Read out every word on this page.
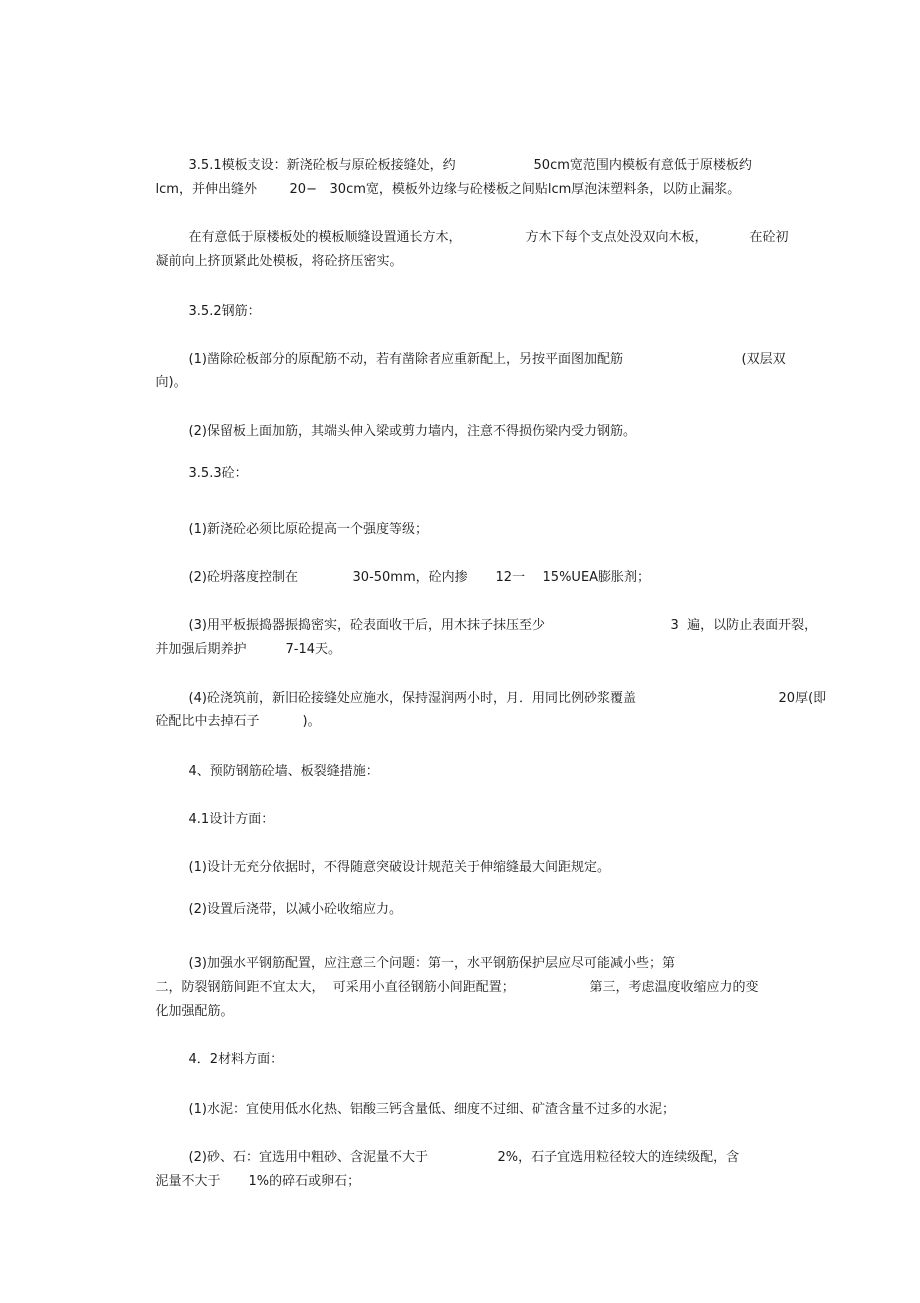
3.5.1模板支设：新浇砼板与原砼板接缝处，约
	50cm宽范围内模板有意低于原楼板约

lcm，并伸出缝外
	20−
30cm宽，模板外边缘与砼楼板之间贴lcm厚泡沫塑料条，以防止漏浆。

在有意低于原楼板处的模板顺缝设置通长方木，
	方木下每个支点处没双向木板，
	在砼初

凝前向上挤顶紧此处模板，将砼挤压密实。

3.5.2钢筋：

(1)凿除砼板部分的原配筋不动，若有凿除者应重新配上，另按平面图加配筋
	(双层双

向)。

(2)保留板上面加筋，其端头伸入梁或剪力墙内，注意不得损伤梁内受力钢筋。

3.5.3砼：

(1)新浇砼必须比原砼提高一个强度等级；

(2)砼坍落度控制在
	30-50mm，砼内掺
	12一
	15%UEA膨胀剂；

(3)用平板振捣器振捣密实，砼表面收干后，用木抹子抹压至少
	3  遍，以防止表面开裂，

并加强后期养护
	7-14天。

(4)砼浇筑前，新旧砼接缝处应施水，保持湿润两小时，月．用同比例砂浆覆盖
	20厚(即

砼配比中去掉石子
	)。

4、预防钢筋砼墙、板裂缝措施：

4.1设计方面：

(1)设计无充分依据时，不得随意突破设计规范关于伸缩缝最大间距规定。

(2)设置后浇带，以减小砼收缩应力。

(3)加强水平钢筋配置，应注意三个问题：第一，水平钢筋保护层应尽可能减小些；第

二，防裂钢筋间距不宜太大，  可采用小直径钢筋小间距配置；
	第三，考虑温度收缩应力的变

化加强配筋。

4．2材料方面：

(1)水泥：宜使用低水化热、铝酸三钙含量低、细度不过细、矿渣含量不过多的水泥；

(2)砂、石：宜选用中粗砂、含泥量不大于
	2%，石子宜选用粒径较大的连续级配，含

泥量不大于
	1%的碎石或卵石；
